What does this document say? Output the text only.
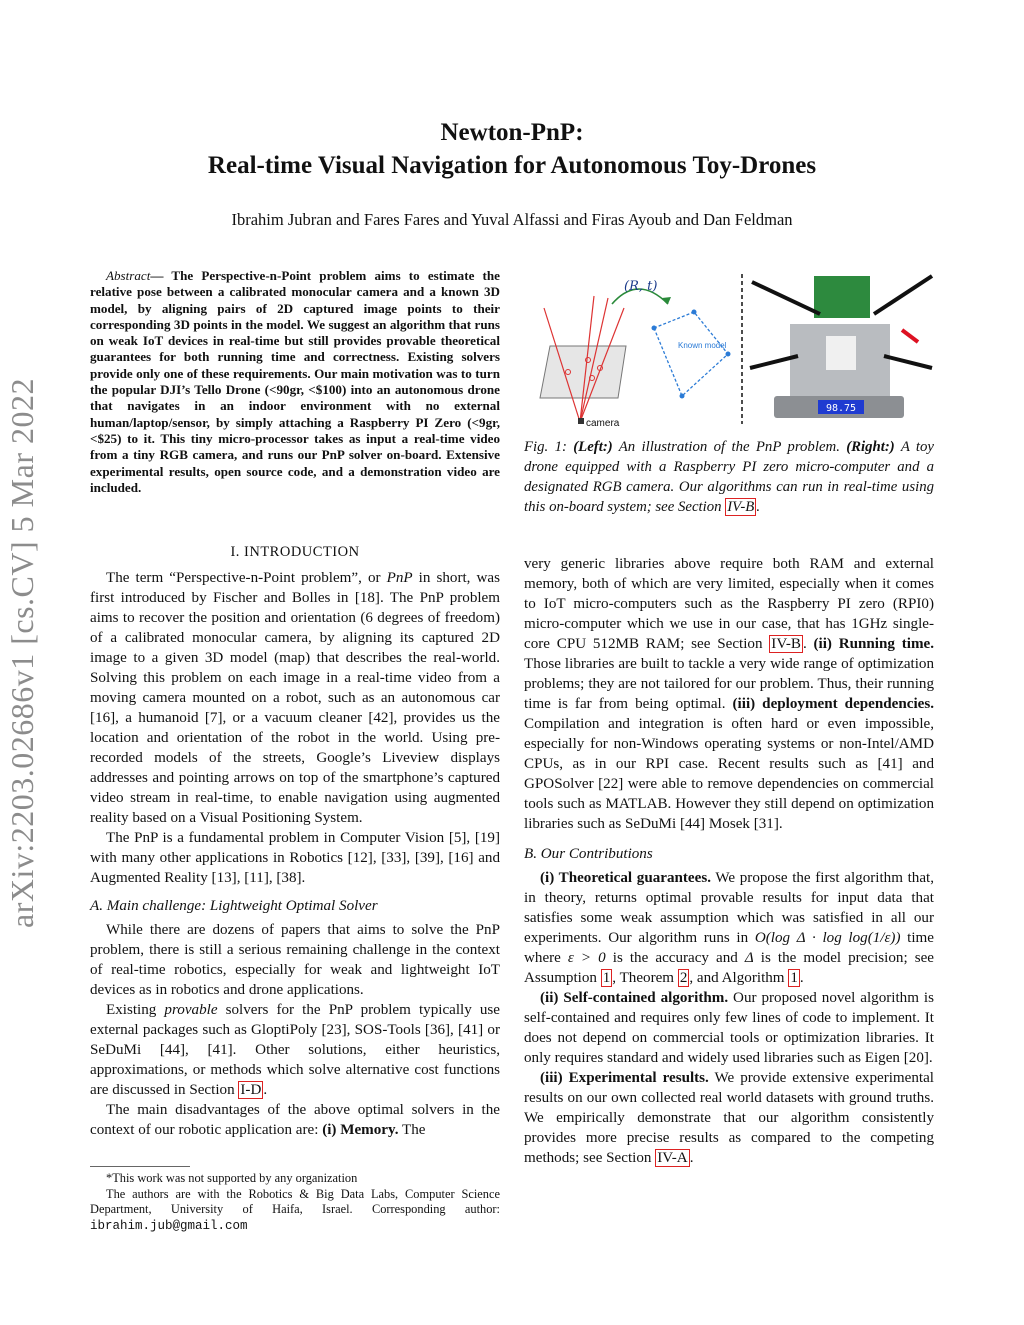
arXiv:2203.02686v1 [cs.CV] 5 Mar 2022
Newton-PnP:
Real-time Visual Navigation for Autonomous Toy-Drones
Ibrahim Jubran and Fares Fares and Yuval Alfassi and Firas Ayoub and Dan Feldman
Abstract— The Perspective-n-Point problem aims to estimate the relative pose between a calibrated monocular camera and a known 3D model, by aligning pairs of 2D captured image points to their corresponding 3D points in the model. We suggest an algorithm that runs on weak IoT devices in real-time but still provides provable theoretical guarantees for both running time and correctness. Existing solvers provide only one of these requirements. Our main motivation was to turn the popular DJI’s Tello Drone (<90gr, <$100) into an autonomous drone that navigates in an indoor environment with no external human/laptop/sensor, by simply attaching a Raspberry PI Zero (<9gr, <$25) to it. This tiny micro-processor takes as input a real-time video from a tiny RGB camera, and runs our PnP solver on-board. Extensive experimental results, open source code, and a demonstration video are included.
I. INTRODUCTION

The term “Perspective-n-Point problem”, or PnP in short, was first introduced by Fischer and Bolles in [18]. The PnP problem aims to recover the position and orientation (6 degrees of freedom) of a calibrated monocular camera, by aligning its captured 2D image to a given 3D model (map) that describes the real-world. Solving this problem on each image in a real-time video from a moving camera mounted on a robot, such as an autonomous car [16], a humanoid [7], or a vacuum cleaner [42], provides us the location and orientation of the robot in the world. Using pre-recorded models of the streets, Google’s Liveview displays addresses and pointing arrows on top of the smartphone’s captured video stream in real-time, to enable navigation using augmented reality based on a Visual Positioning System.

The PnP is a fundamental problem in Computer Vision [5], [19] with many other applications in Robotics [12], [33], [39], [16] and Augmented Reality [13], [11], [38].

A. Main challenge: Lightweight Optimal Solver

While there are dozens of papers that aims to solve the PnP problem, there is still a serious remaining challenge in the context of real-time robotics, especially for weak and lightweight IoT devices as in robotics and drone applications.

Existing provable solvers for the PnP problem typically use external packages such as GloptiPoly [23], SOS-Tools [36], [41] or SeDuMi [44], [41]. Other solutions, either heuristics, approximations, or methods which solve alternative cost functions are discussed in Section I-D .

The main disadvantages of the above optimal solvers in the context of our robotic application are: (i) Memory. The

*This work was not supported by any organization
The authors are with the Robotics & Big Data Labs, Computer Science Department, University of Haifa, Israel. Corresponding author: ibrahim.jub@gmail.com
camera
(R, t)
Known model
98.75
Fig. 1: (Left:) An illustration of the PnP problem. (Right:) A toy drone equipped with a Raspberry PI zero micro-computer and a designated RGB camera. Our algorithms can run in real-time using this on-board system; see Section IV-B .

very generic libraries above require both RAM and external memory, both of which are very limited, especially when it comes to IoT micro-computers such as the Raspberry PI zero (RPI0) micro-computer which we use in our case, that has 1GHz single-core CPU 512MB RAM; see Section IV-B . (ii) Running time. Those libraries are built to tackle a very wide range of optimization problems; they are not tailored for our problem. Thus, their running time is far from being optimal. (iii) deployment dependencies. Compilation and integration is often hard or even impossible, especially for non-Windows operating systems or non-Intel/AMD CPUs, as in our RPI case. Recent results such as [41] and GPOSolver [22] were able to remove dependencies on commercial tools such as MATLAB. However they still depend on optimization libraries such as SeDuMi [44] Mosek [31].

B. Our Contributions

(i) Theoretical guarantees. We propose the first algorithm that, in theory, returns optimal provable results for input data that satisfies some weak assumption which was satisfied in all our experiments. Our algorithm runs in O(log Δ · log log(1/ε)) time where ε > 0 is the accuracy and Δ is the model precision; see Assumption 1 , Theorem 2 , and Algorithm 1 .

(ii) Self-contained algorithm. Our proposed novel algorithm is self-contained and requires only few lines of code to implement. It does not depend on commercial tools or optimization libraries. It only requires standard and widely used libraries such as Eigen [20].

(iii) Experimental results. We provide extensive experimental results on our own collected real world datasets with ground truths. We empirically demonstrate that our algorithm consistently provides more precise results as compared to the competing methods; see Section IV-A .
